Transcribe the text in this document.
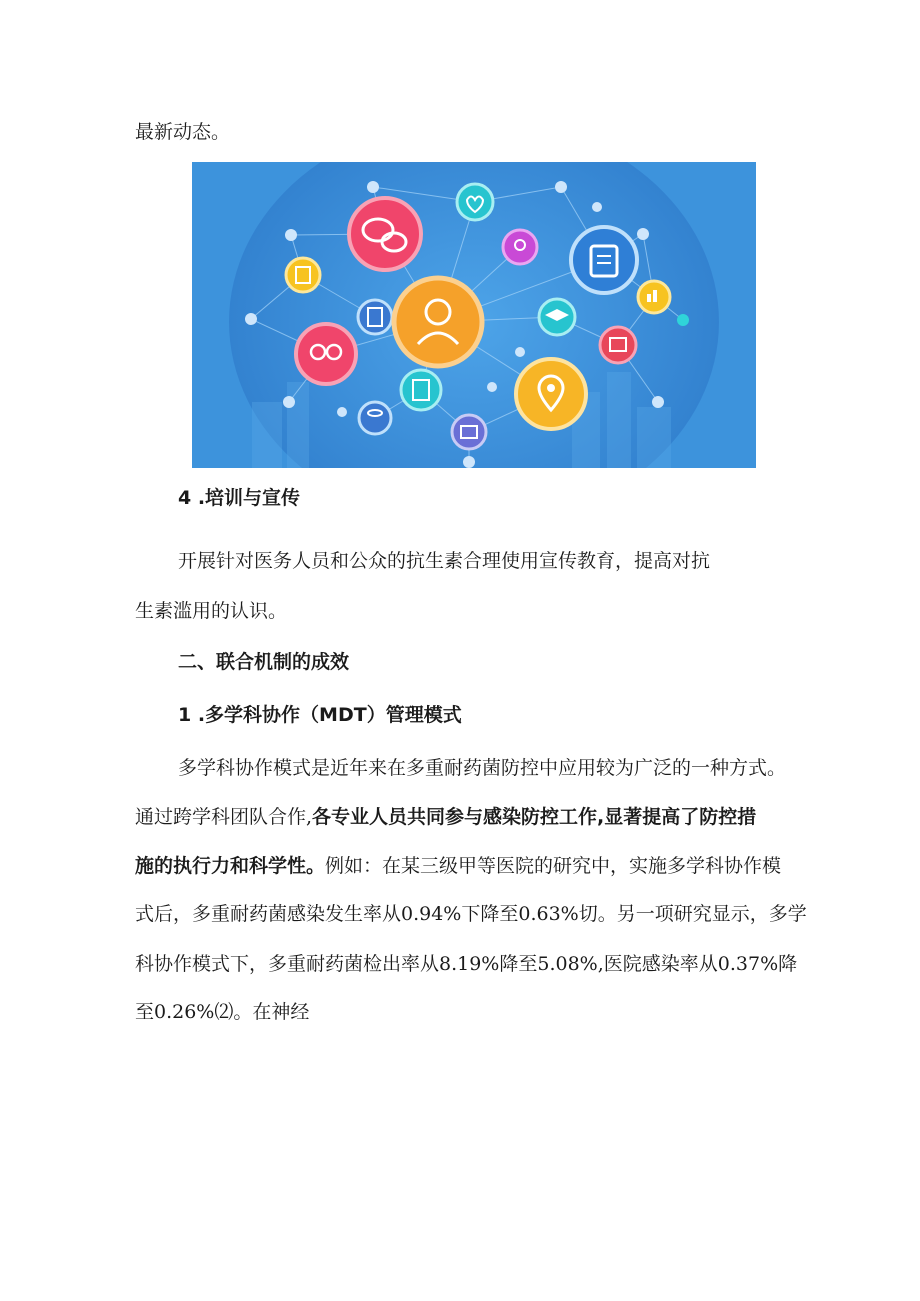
最新动态。
4 .培训与宣传
开展针对医务人员和公众的抗生素合理使用宣传教育，提高对抗
生素滥用的认识。
二、联合机制的成效
1 .多学科协作（MDT）管理模式
多学科协作模式是近年来在多重耐药菌防控中应用较为广泛的一种方式。
通过跨学科团队合作,各专业人员共同参与感染防控工作,显著提高了防控措
施的执行力和科学性。例如：在某三级甲等医院的研究中，实施多学科协作模
式后，多重耐药菌感染发生率从0.94%下降至0.63%切。另一项研究显示，多学
科协作模式下，多重耐药菌检出率从8.19%降至5.08%,医院感染率从0.37%降
至0.26%⑵。在神经
